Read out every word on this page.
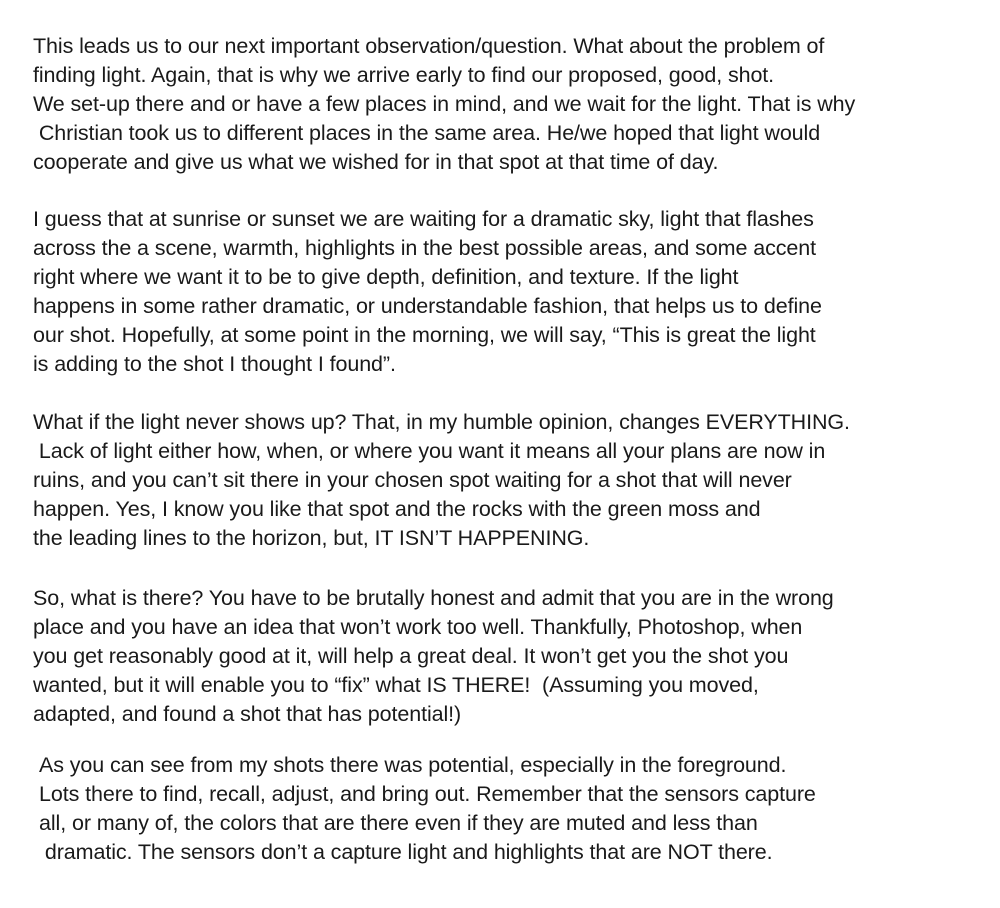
This leads us to our next important observation/question. What about the problem of
finding light. Again, that is why we arrive early to find our proposed, good, shot.
We set-up there and or have a few places in mind, and we wait for the light. That is why
Christian took us to different places in the same area. He/we hoped that light would
cooperate and give us what we wished for in that spot at that time of day.

I guess that at sunrise or sunset we are waiting for a dramatic sky, light that flashes
across the a scene, warmth, highlights in the best possible areas, and some accent
right where we want it to be to give depth, definition, and texture. If the light
happens in some rather dramatic, or understandable fashion, that helps us to define
our shot. Hopefully, at some point in the morning, we will say, “This is great the light
is adding to the shot I thought I found”.

What if the light never shows up? That, in my humble opinion, changes EVERYTHING.
Lack of light either how, when, or where you want it means all your plans are now in
ruins, and you can’t sit there in your chosen spot waiting for a shot that will never
happen. Yes, I know you like that spot and the rocks with the green moss and
the leading lines to the horizon, but, IT ISN’T HAPPENING.

So, what is there? You have to be brutally honest and admit that you are in the wrong
place and you have an idea that won’t work too well. Thankfully, Photoshop, when
you get reasonably good at it, will help a great deal. It won’t get you the shot you
wanted, but it will enable you to “fix” what IS THERE!  (Assuming you moved,
adapted, and found a shot that has potential!)

As you can see from my shots there was potential, especially in the foreground.
Lots there to find, recall, adjust, and bring out. Remember that the sensors capture
all, or many of, the colors that are there even if they are muted and less than
dramatic. The sensors don’t a capture light and highlights that are NOT there.
